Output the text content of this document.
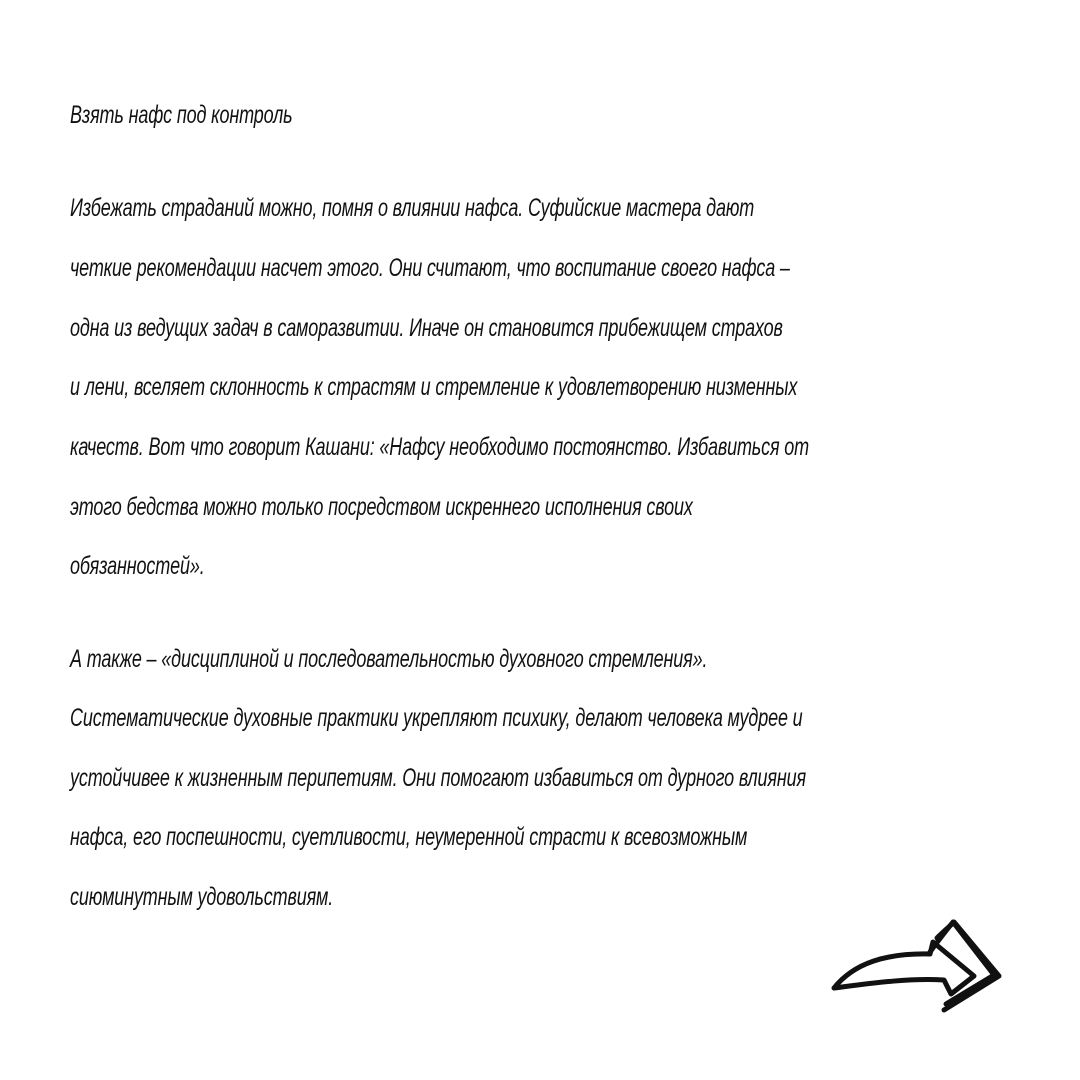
Взять нафс под контроль
Избежать страданий можно, помня о влиянии нафса. Суфийские мастера дают
четкие рекомендации насчет этого. Они считают, что воспитание своего нафса –
одна из ведущих задач в саморазвитии. Иначе он становится прибежищем страхов
и лени, вселяет склонность к страстям и стремление к удовлетворению низменных
качеств. Вот что говорит Кашани: «Нафсу необходимо постоянство. Избавиться от
этого бедства можно только посредством искреннего исполнения своих
обязанностей».
А также – «дисциплиной и последовательностью духовного стремления».
Систематические духовные практики укрепляют психику, делают человека мудрее и
устойчивее к жизненным перипетиям. Они помогают избавиться от дурного влияния
нафса, его поспешности, суетливости, неумеренной страсти к всевозможным
сиюминутным удовольствиям.
